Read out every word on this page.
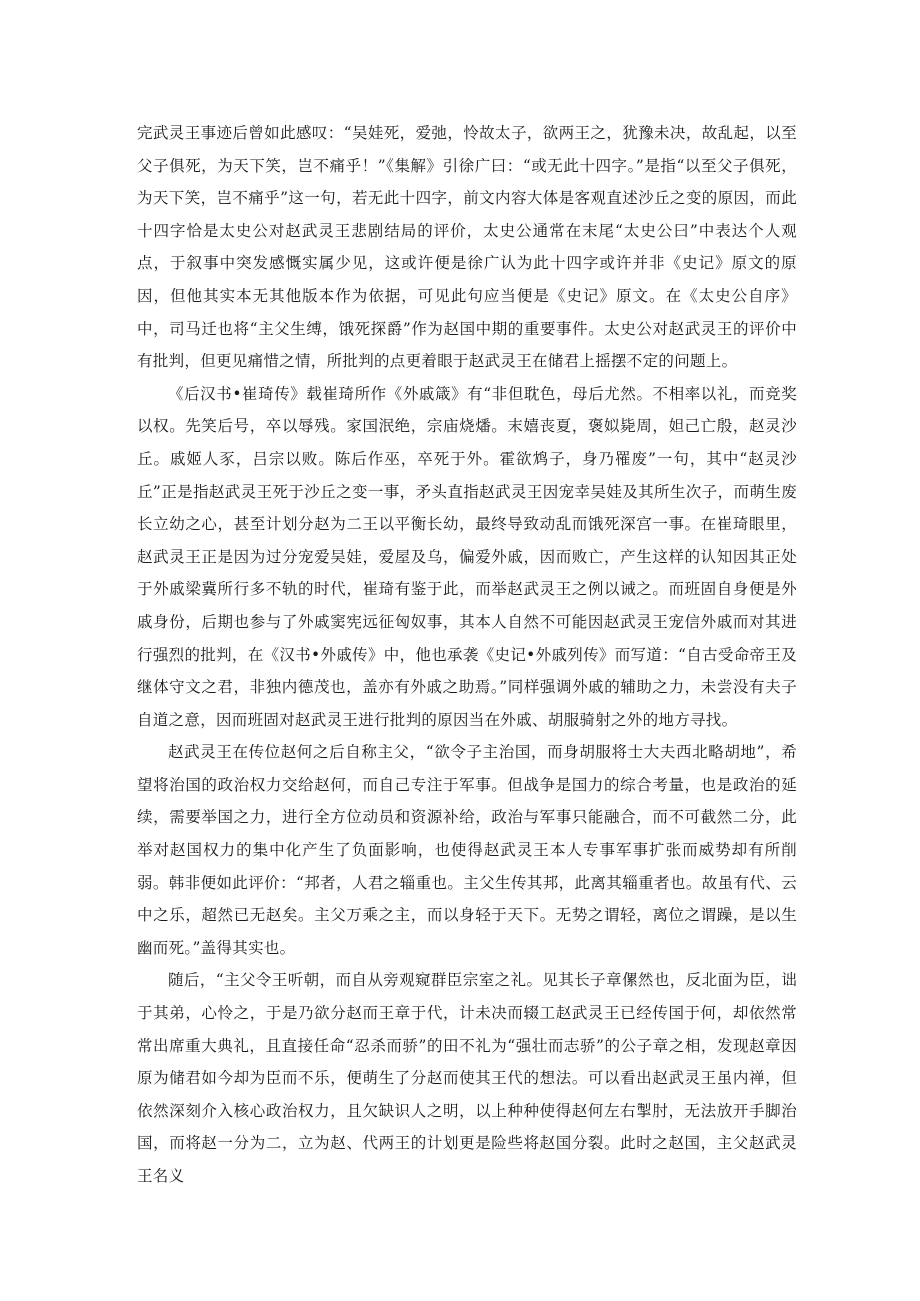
完武灵王事迹后曾如此感叹：“吴娃死，爱弛，怜故太子，欲两王之，犹豫未决，故乱起，以至父子俱死，为天下笑，岂不痛乎！”《集解》引徐广曰：“或无此十四字。”是指“以至父子俱死，为天下笑，岂不痛乎”这一句，若无此十四字，前文内容大体是客观直述沙丘之变的原因，而此十四字恰是太史公对赵武灵王悲剧结局的评价，太史公通常在末尾“太史公曰”中表达个人观点，于叙事中突发感慨实属少见，这或许便是徐广认为此十四字或许并非《史记》原文的原因，但他其实本无其他版本作为依据，可见此句应当便是《史记》原文。在《太史公自序》中，司马迁也将“主父生缚，饿死探爵”作为赵国中期的重要事件。太史公对赵武灵王的评价中有批判，但更见痛惜之情，所批判的点更着眼于赵武灵王在储君上摇摆不定的问题上。

《后汉书•崔琦传》载崔琦所作《外戚箴》有“非但耽色，母后尤然。不相率以礼，而竞奖以权。先笑后号，卒以辱残。家国泯绝，宗庙烧燔。末嬉丧夏，褒姒毙周，妲己亡殷，赵灵沙丘。戚姬人豕，吕宗以败。陈后作巫，卒死于外。霍欲鸩子，身乃罹废”一句，其中“赵灵沙丘”正是指赵武灵王死于沙丘之变一事，矛头直指赵武灵王因宠幸吴娃及其所生次子，而萌生废长立幼之心，甚至计划分赵为二王以平衡长幼，最终导致动乱而饿死深宫一事。在崔琦眼里，赵武灵王正是因为过分宠爱吴娃，爱屋及乌，偏爱外戚，因而败亡，产生这样的认知因其正处于外戚梁冀所行多不轨的时代，崔琦有鉴于此，而举赵武灵王之例以诫之。而班固自身便是外戚身份，后期也参与了外戚窦宪远征匈奴事，其本人自然不可能因赵武灵王宠信外戚而对其进行强烈的批判，在《汉书•外戚传》中，他也承袭《史记•外戚列传》而写道：“自古受命帝王及继体守文之君，非独内德茂也，盖亦有外戚之助焉。”同样强调外戚的辅助之力，未尝没有夫子自道之意，因而班固对赵武灵王进行批判的原因当在外戚、胡服骑射之外的地方寻找。

赵武灵王在传位赵何之后自称主父，“欲令子主治国，而身胡服将士大夫西北略胡地”，希望将治国的政治权力交给赵何，而自己专注于军事。但战争是国力的综合考量，也是政治的延续，需要举国之力，进行全方位动员和资源补给，政治与军事只能融合，而不可截然二分，此举对赵国权力的集中化产生了负面影响，也使得赵武灵王本人专事军事扩张而威势却有所削弱。韩非便如此评价：“邦者，人君之辎重也。主父生传其邦，此离其辎重者也。故虽有代、云中之乐，超然已无赵矣。主父万乘之主，而以身轻于天下。无势之谓轻，离位之谓躁，是以生幽而死。”盖得其实也。

随后，“主父令王听朝，而自从旁观窥群臣宗室之礼。见其长子章傫然也，反北面为臣，诎于其弟，心怜之，于是乃欲分赵而王章于代，计未决而辍工赵武灵王已经传国于何，却依然常常出席重大典礼，且直接任命“忍杀而骄”的田不礼为“强壮而志骄”的公子章之相，发现赵章因原为储君如今却为臣而不乐，便萌生了分赵而使其王代的想法。可以看出赵武灵王虽内禅，但依然深刻介入核心政治权力，且欠缺识人之明，以上种种使得赵何左右掣肘，无法放开手脚治国，而将赵一分为二，立为赵、代两王的计划更是险些将赵国分裂。此时之赵国，主父赵武灵王名义
